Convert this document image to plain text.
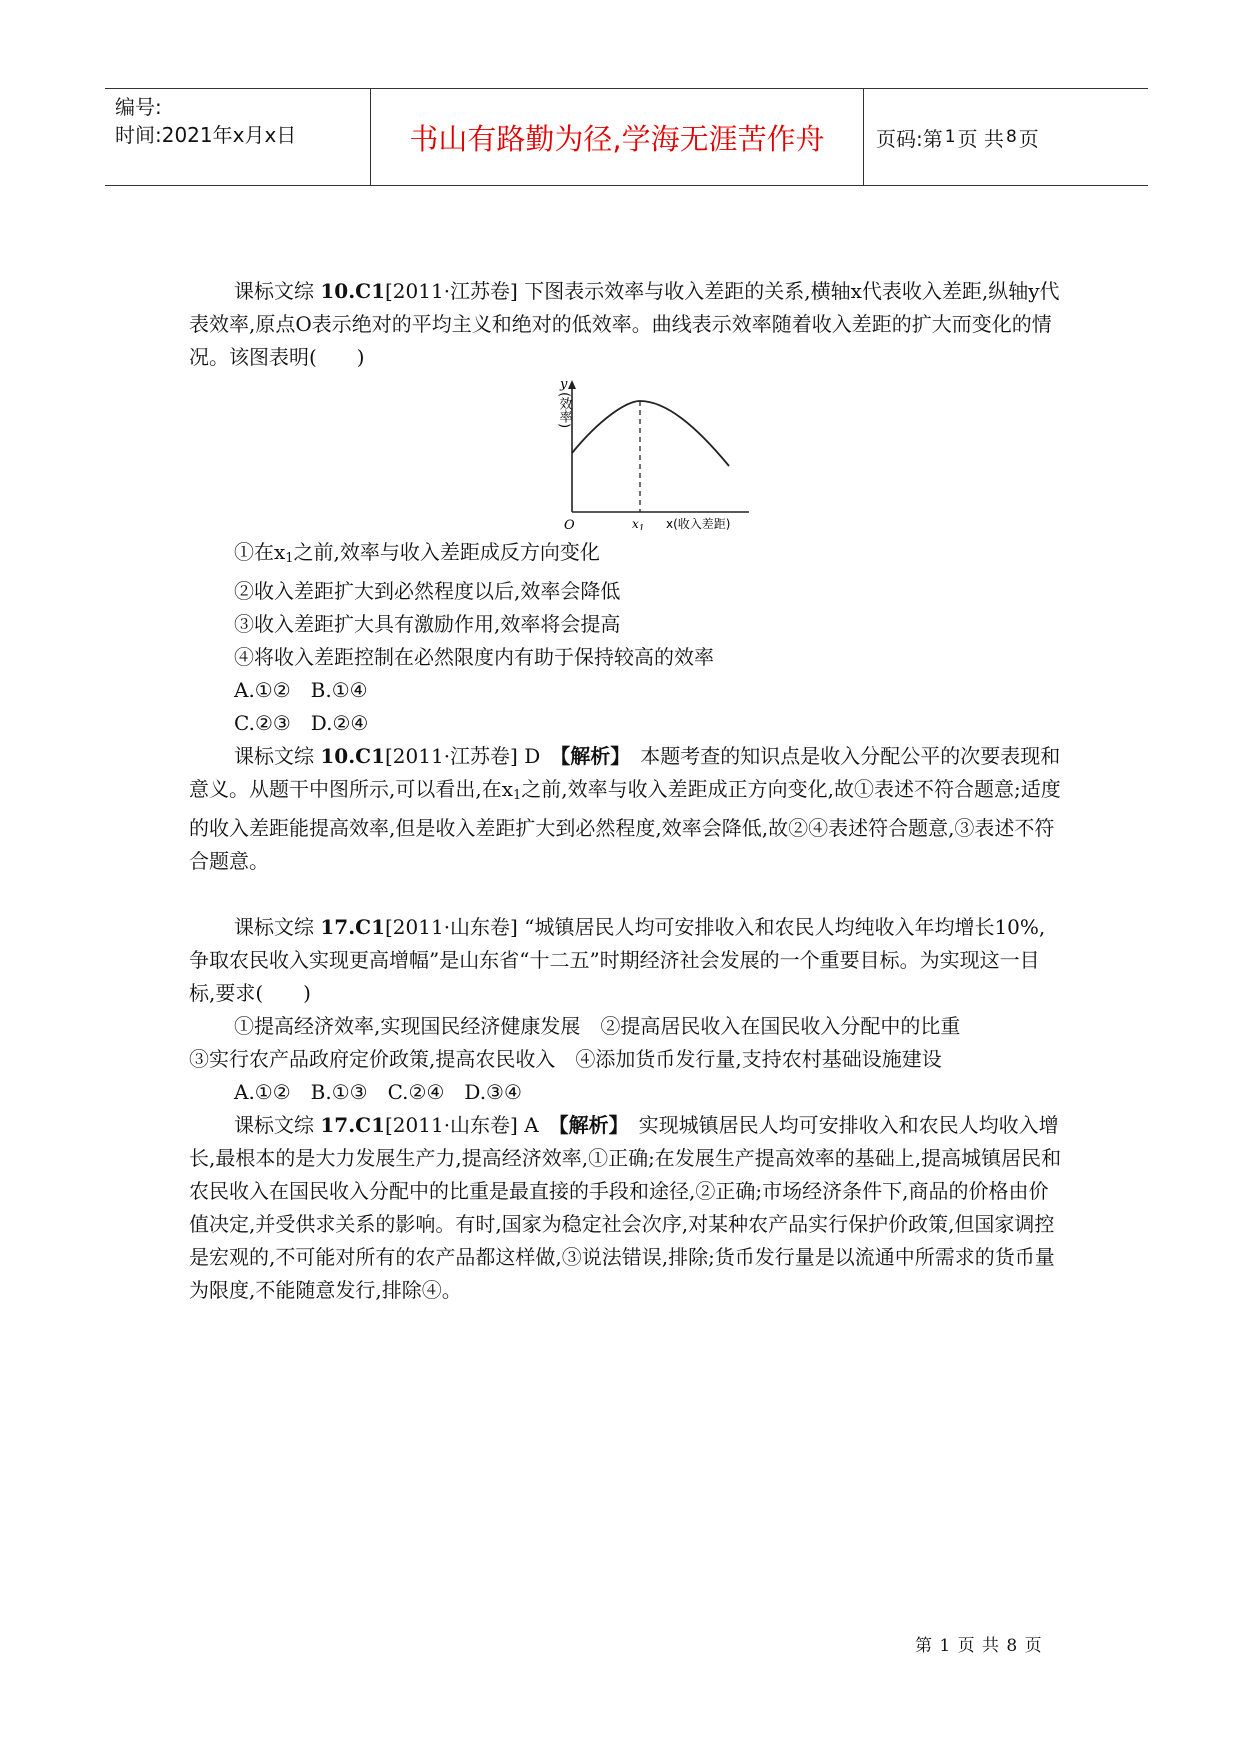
编号:
时间:2021年x月x日	书山有路勤为径,学海无涯苦作舟	页码:第 1 页 共 8 页

课标文综 10.C1[2011·江苏卷] 下图表示效率与收入差距的关系,横轴x代表收入差距,纵轴y代表效率,原点O表示绝对的平均主义和绝对的低效率。曲线表示效率随着收入差距的扩大而变化的情况。该图表明(　　)

y
(效率)
O	$x_1$ x(收入差距)

①在$x_1$之前,效率与收入差距成反方向变化

②收入差距扩大到必然程度以后,效率会降低

③收入差距扩大具有激励作用,效率将会提高

④将收入差距控制在必然限度内有助于保持较高的效率

A.①②　B.①④

C.②③　D.②④

课标文综 10.C1[2011·江苏卷] D　【解析】　本题考查的知识点是收入分配公平的次要表现和意义。从题干中图所示,可以看出,在$x_1$之前,效率与收入差距成正方向变化,故①表述不符合题意;适度的收入差距能提高效率,但是收入差距扩大到必然程度,效率会降低,故②④表述符合题意,③表述不符合题意。

课标文综 17.C1[2011·山东卷] “城镇居民人均可安排收入和农民人均纯收入年均增长10%,争取农民收入实现更高增幅”是山东省“十二五”时期经济社会发展的一个重要目标。为实现这一目标,要求(　　)

①提高经济效率,实现国民经济健康发展　②提高居民收入在国民收入分配中的比重

③实行农产品政府定价政策,提高农民收入　④添加货币发行量,支持农村基础设施建设

A.①②　B.①③　C.②④　D.③④

课标文综 17.C1[2011·山东卷] A　【解析】　实现城镇居民人均可安排收入和农民人均收入增长,最根本的是大力发展生产力,提高经济效率,①正确;在发展生产提高效率的基础上,提高城镇居民和农民收入在国民收入分配中的比重是最直接的手段和途径,②正确;市场经济条件下,商品的价格由价值决定,并受供求关系的影响。有时,国家为稳定社会次序,对某种农产品实行保护价政策,但国家调控是宏观的,不可能对所有的农产品都这样做,③说法错误,排除;货币发行量是以流通中所需求的货币量为限度,不能随意发行,排除④。

第 1 页 共 8 页
